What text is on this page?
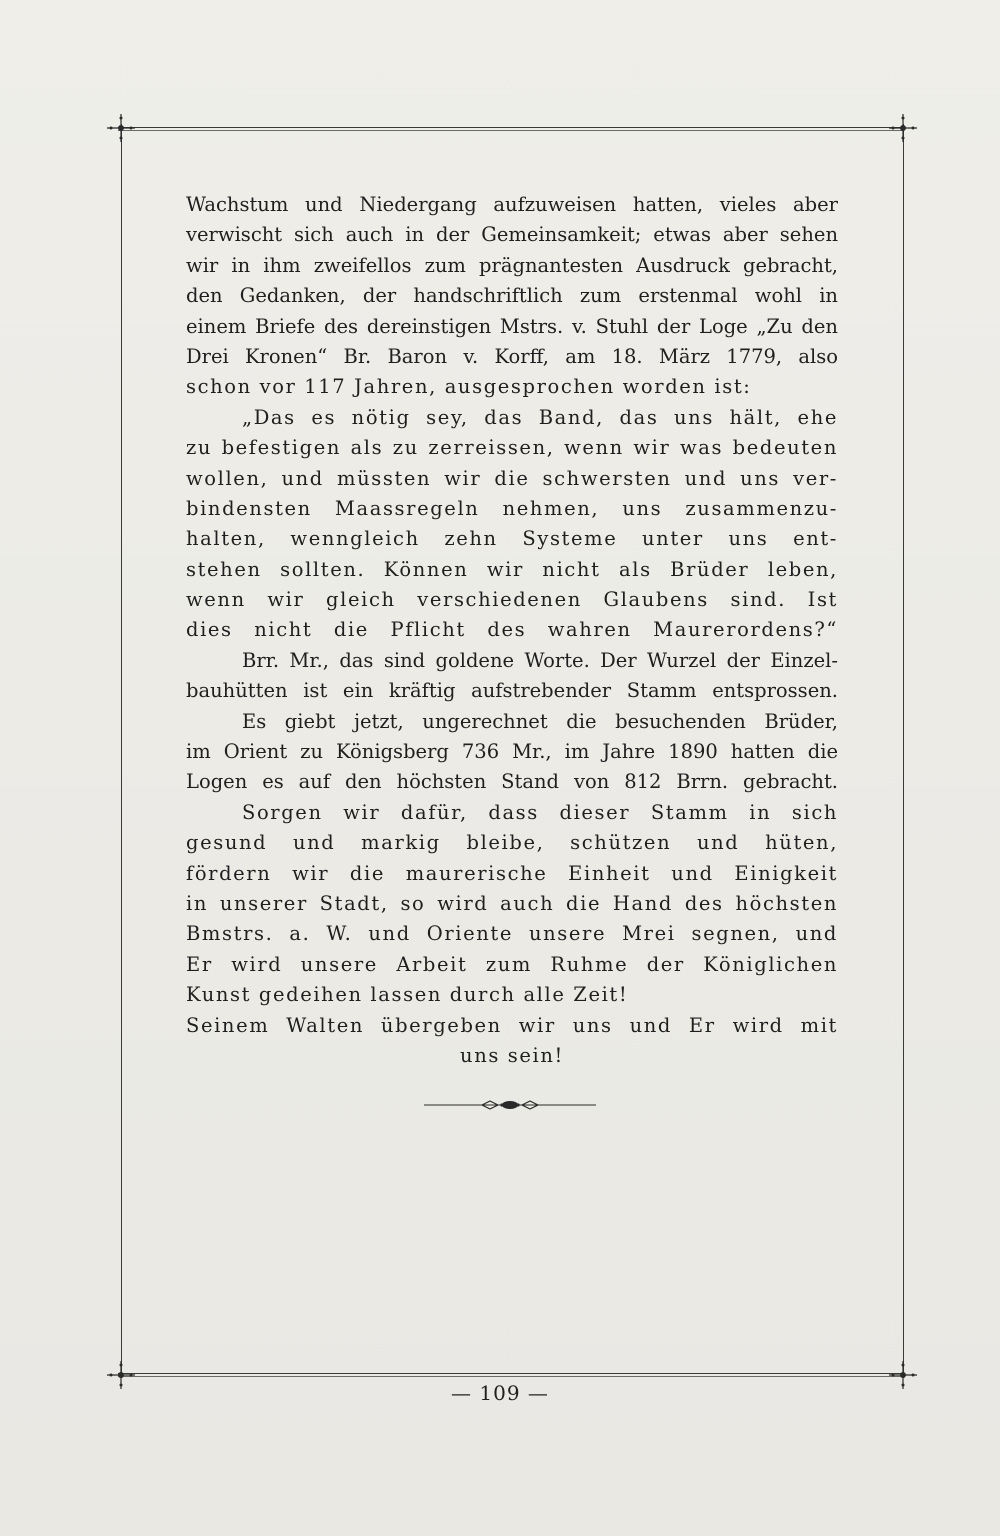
Wachstum und Niedergang aufzuweisen hatten, vieles aber
verwischt sich auch in der Gemeinsamkeit; etwas aber sehen
wir in ihm zweifellos zum prägnantesten Ausdruck gebracht,
den Gedanken, der handschriftlich zum erstenmal wohl in
einem Briefe des dereinstigen Mstrs. v. Stuhl der Loge „Zu den
Drei Kronen“ Br. Baron v. Korff, am 18. März 1779, also
schon vor 117 Jahren, ausgesprochen worden ist:
„Das es nötig sey, das Band, das uns hält, ehe
zu befestigen als zu zerreissen, wenn wir was bedeuten
wollen, und müssten wir die schwersten und uns ver-
bindensten Maassregeln nehmen, uns zusammenzu-
halten, wenngleich zehn Systeme unter uns ent-
stehen sollten. Können wir nicht als Brüder leben,
wenn wir gleich verschiedenen Glaubens sind. Ist
dies nicht die Pflicht des wahren Maurerordens?“
Brr. Mr., das sind goldene Worte. Der Wurzel der Einzel-
bauhütten ist ein kräftig aufstrebender Stamm entsprossen.
Es giebt jetzt, ungerechnet die besuchenden Brüder,
im Orient zu Königsberg 736 Mr., im Jahre 1890 hatten die
Logen es auf den höchsten Stand von 812 Brrn. gebracht.
Sorgen wir dafür, dass dieser Stamm in sich
gesund und markig bleibe, schützen und hüten,
fördern wir die maurerische Einheit und Einigkeit
in unserer Stadt, so wird auch die Hand des höchsten
Bmstrs. a. W. und Oriente unsere Mrei segnen, und
Er wird unsere Arbeit zum Ruhme der Königlichen
Kunst gedeihen lassen durch alle Zeit!
Seinem Walten übergeben wir uns und Er wird mit
uns sein!
— 109 —
